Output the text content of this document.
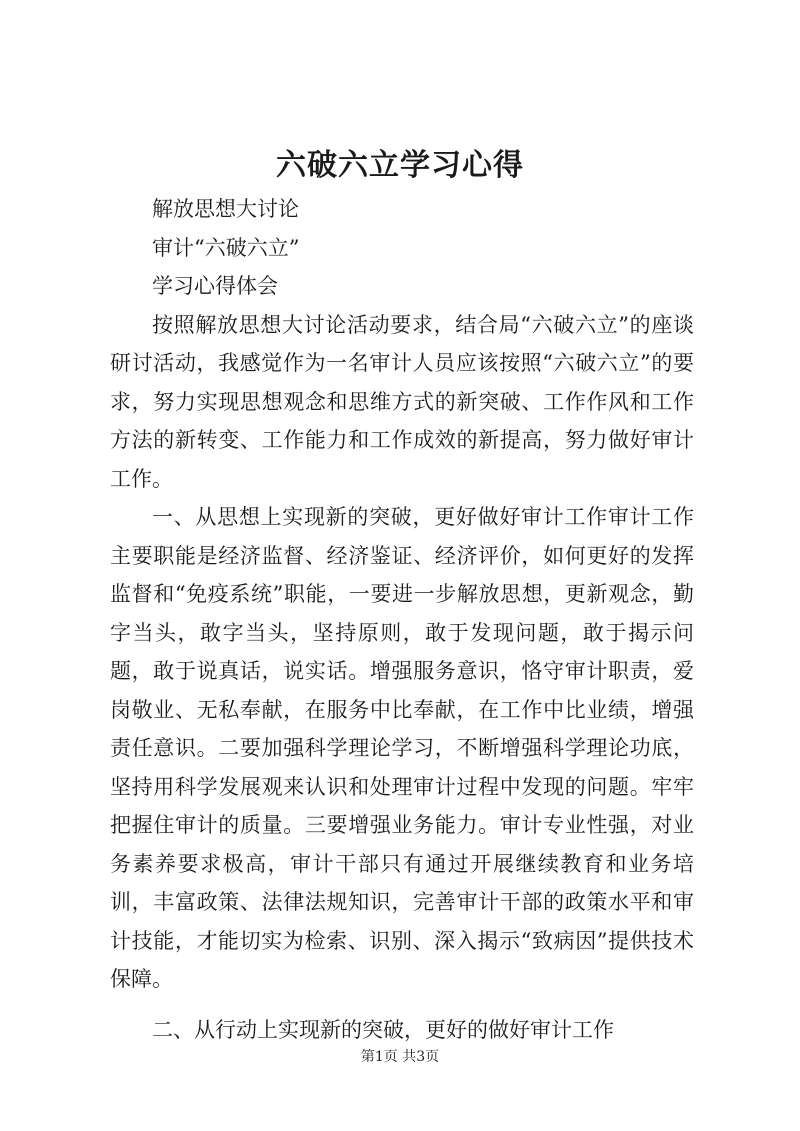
六破六立学习心得

解放思想大讨论

审计“六破六立”

学习心得体会

按照解放思想大讨论活动要求，结合局“六破六立”的座谈研讨活动，我感觉作为一名审计人员应该按照“六破六立”的要求，努力实现思想观念和思维方式的新突破、工作作风和工作方法的新转变、工作能力和工作成效的新提高，努力做好审计工作。

一、从思想上实现新的突破，更好做好审计工作审计工作主要职能是经济监督、经济鉴证、经济评价，如何更好的发挥监督和“免疫系统”职能，一要进一步解放思想，更新观念，勤字当头，敢字当头，坚持原则，敢于发现问题，敢于揭示问题，敢于说真话，说实话。增强服务意识，恪守审计职责，爱岗敬业、无私奉献，在服务中比奉献，在工作中比业绩，增强责任意识。二要加强科学理论学习，不断增强科学理论功底，坚持用科学发展观来认识和处理审计过程中发现的问题。牢牢把握住审计的质量。三要增强业务能力。审计专业性强，对业务素养要求极高，审计干部只有通过开展继续教育和业务培训，丰富政策、法律法规知识，完善审计干部的政策水平和审计技能，才能切实为检索、识别、深入揭示“致病因”提供技术保障。

二、从行动上实现新的突破，更好的做好审计工作

第1页 共3页
